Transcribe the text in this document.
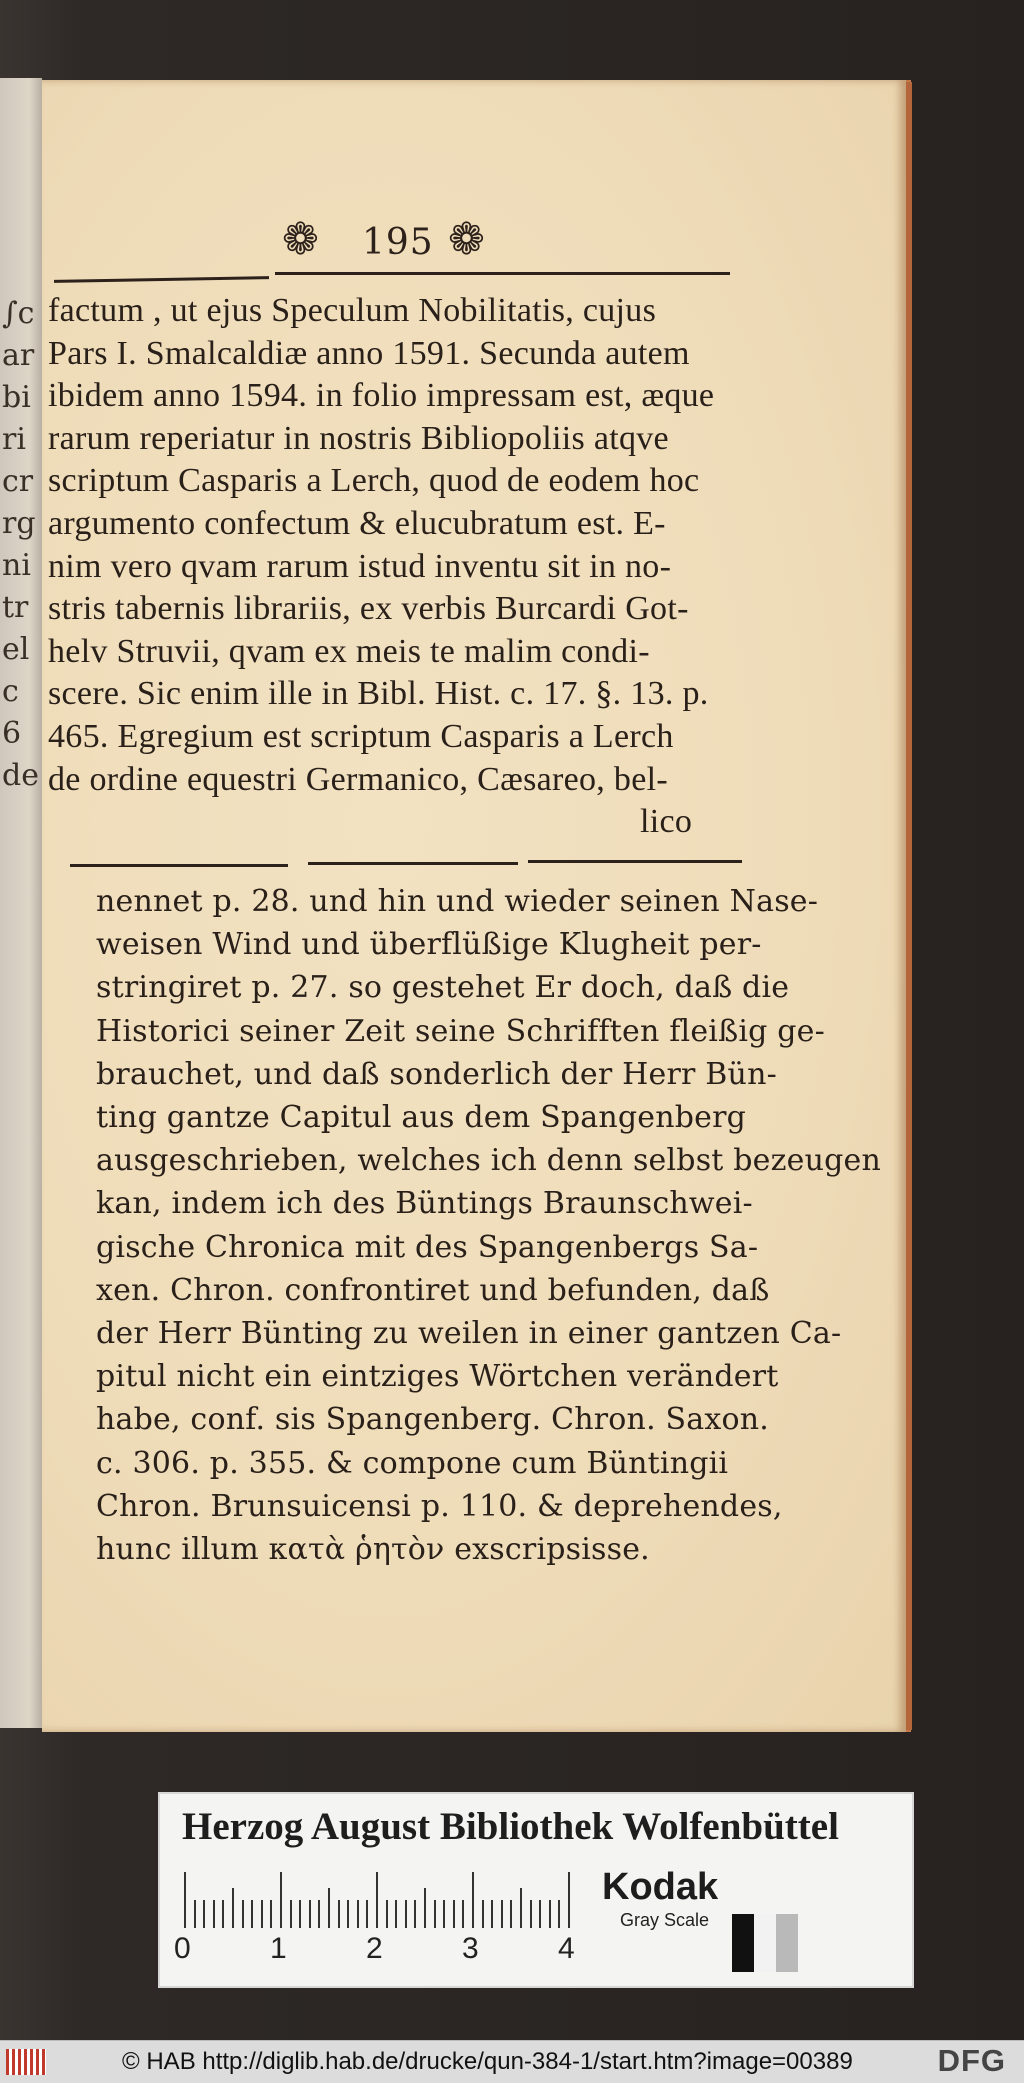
∫c
ar
bi
ri
cr
rg
ni
tr
el
c
6
de
❁ 195 ❁
factum , ut ejus Speculum Nobilitatis, cujus
Pars I. Smalcaldiæ anno 1591. Secunda autem
ibidem anno 1594. in folio impressam est, æque
rarum reperiatur in nostris Bibliopoliis atqve
scriptum Casparis a Lerch, quod de eodem hoc
argumento confectum & elucubratum est. E-
nim vero qvam rarum istud inventu sit in no-
stris tabernis librariis, ex verbis Burcardi Got-
helv Struvii, qvam ex meis te malim condi-
scere. Sic enim ille in Bibl. Hist. c. 17. §. 13. p.
465. Egregium est scriptum Casparis a Lerch
de ordine equestri Germanico, Cæsareo, bel-
lico
nennet p. 28. und hin und wieder seinen Nase-
weisen Wind und überflüßige Klugheit per-
stringiret p. 27. so gestehet Er doch, daß die
Historici seiner Zeit seine Schrifften fleißig ge-
brauchet, und daß sonderlich der Herr Bün-
ting gantze Capitul aus dem Spangenberg
ausgeschrieben, welches ich denn selbst bezeugen
kan, indem ich des Büntings Braunschwei-
gische Chronica mit des Spangenbergs Sa-
xen. Chron. confrontiret und befunden, daß
der Herr Bünting zu weilen in einer gantzen Ca-
pitul nicht ein eintziges Wörtchen verändert
habe, conf. sis Spangenberg. Chron. Saxon.
c. 306. p. 355. & compone cum Büntingii
Chron. Brunsuicensi p. 110. & deprehendes,
hunc illum κατὰ ῥητὸν exscripsisse.
Herzog August Bibliothek Wolfenbüttel
0	1	2	3	4
Kodak
Gray Scale
© HAB http://diglib.hab.de/drucke/qun-384-1/start.htm?image=00389	DFG
